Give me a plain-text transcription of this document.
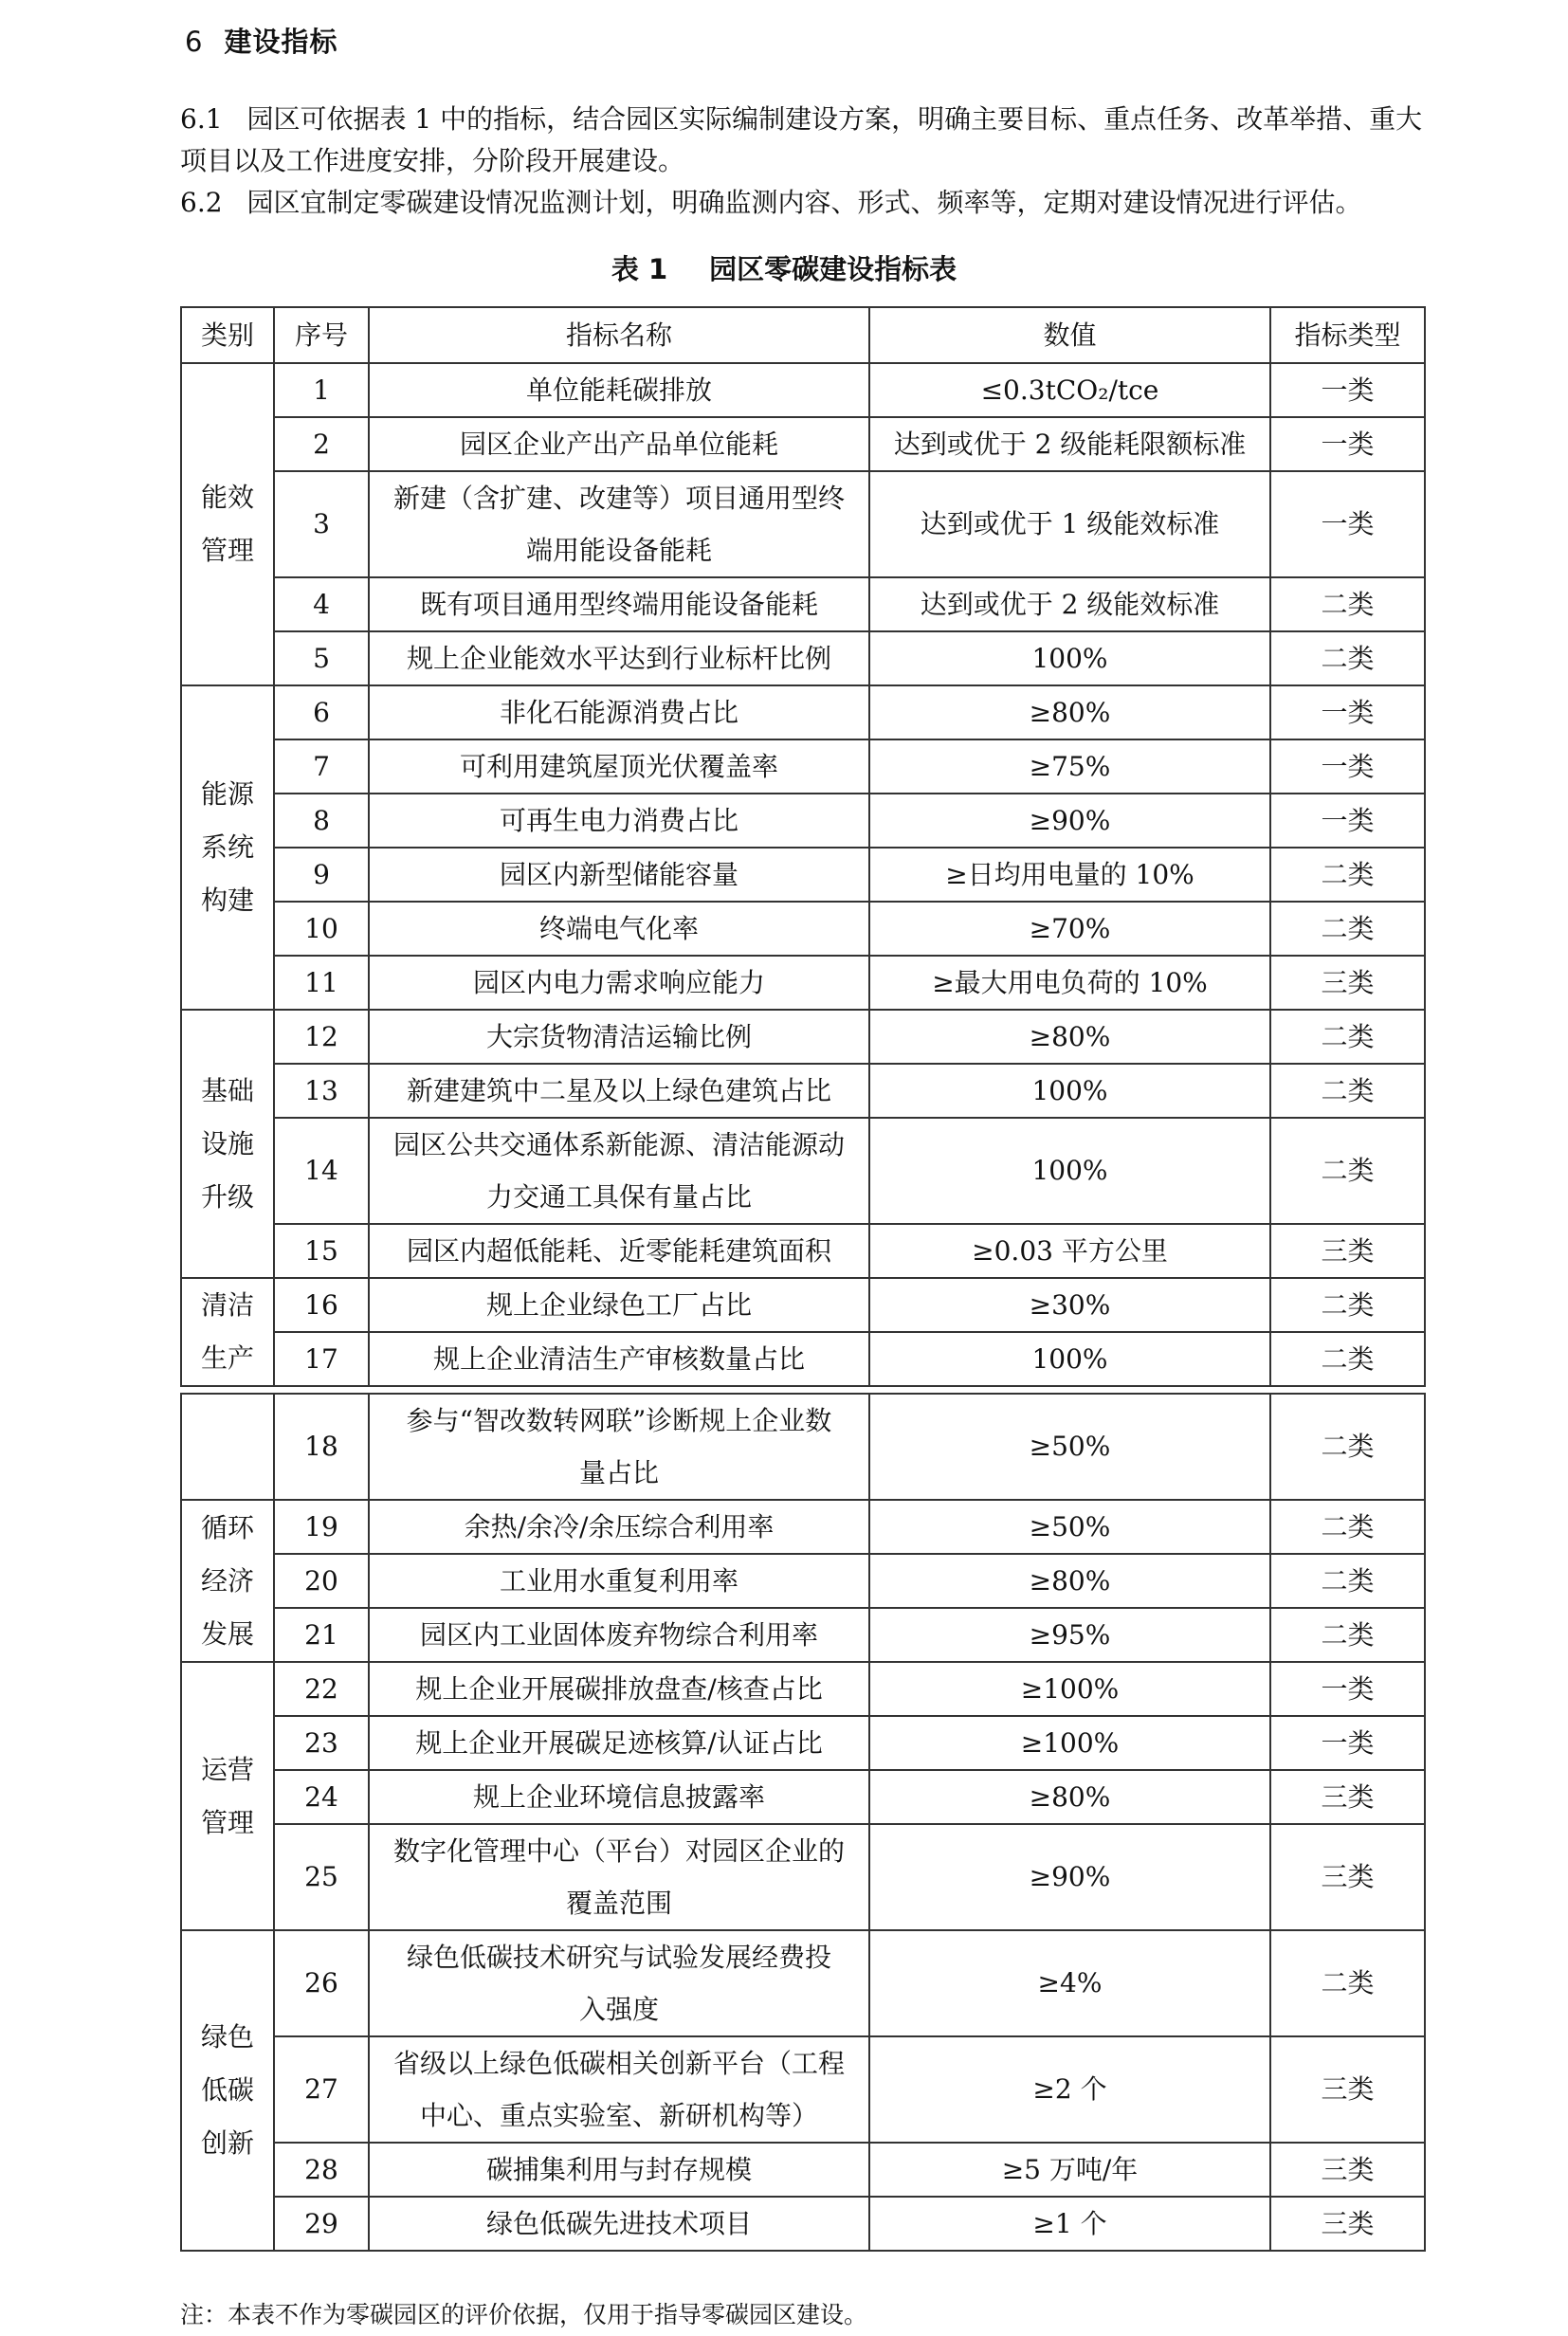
6 建设指标
6.1 园区可依据表 1 中的指标，结合园区实际编制建设方案，明确主要目标、重点任务、改革举措、重大项目以及工作进度安排，分阶段开展建设。
6.2 园区宜制定零碳建设情况监测计划，明确监测内容、形式、频率等，定期对建设情况进行评估。
表 1 园区零碳建设指标表
类别	序号	指标名称	数值	指标类型
能效
管理	1	单位能耗碳排放	≤0.3tCO₂/tce	一类
	2	园区企业产出产品单位能耗	达到或优于 2 级能耗限额标准	一类
	3	新建（含扩建、改建等）项目通用型终
端用能设备能耗	达到或优于 1 级能效标准	一类
	4	既有项目通用型终端用能设备能耗	达到或优于 2 级能效标准	二类
	5	规上企业能效水平达到行业标杆比例	100%	二类
能源
系统
构建	6	非化石能源消费占比	≥80%	一类
	7	可利用建筑屋顶光伏覆盖率	≥75%	一类
	8	可再生电力消费占比	≥90%	一类
	9	园区内新型储能容量	≥日均用电量的 10%	二类
	10	终端电气化率	≥70%	二类
	11	园区内电力需求响应能力	≥最大用电负荷的 10%	三类
基础
设施
升级	12	大宗货物清洁运输比例	≥80%	二类
	13	新建建筑中二星及以上绿色建筑占比	100%	二类
	14	园区公共交通体系新能源、清洁能源动
力交通工具保有量占比	100%	二类
	15	园区内超低能耗、近零能耗建筑面积	≥0.03 平方公里	三类
清洁
生产	16	规上企业绿色工厂占比	≥30%	二类
	17	规上企业清洁生产审核数量占比	100%	二类
	18	参与“智改数转网联”诊断规上企业数
量占比	≥50%	二类
循环
经济
发展	19	余热/余冷/余压综合利用率	≥50%	二类
	20	工业用水重复利用率	≥80%	二类
	21	园区内工业固体废弃物综合利用率	≥95%	二类
运营
管理	22	规上企业开展碳排放盘查/核查占比	≥100%	一类
	23	规上企业开展碳足迹核算/认证占比	≥100%	一类
	24	规上企业环境信息披露率	≥80%	三类
	25	数字化管理中心（平台）对园区企业的
覆盖范围	≥90%	三类
绿色
低碳
创新	26	绿色低碳技术研究与试验发展经费投
入强度	≥4%	二类
	27	省级以上绿色低碳相关创新平台（工程
中心、重点实验室、新研机构等）	≥2 个	三类
	28	碳捕集利用与封存规模	≥5 万吨/年	三类
	29	绿色低碳先进技术项目	≥1 个	三类
注：本表不作为零碳园区的评价依据，仅用于指导零碳园区建设。
